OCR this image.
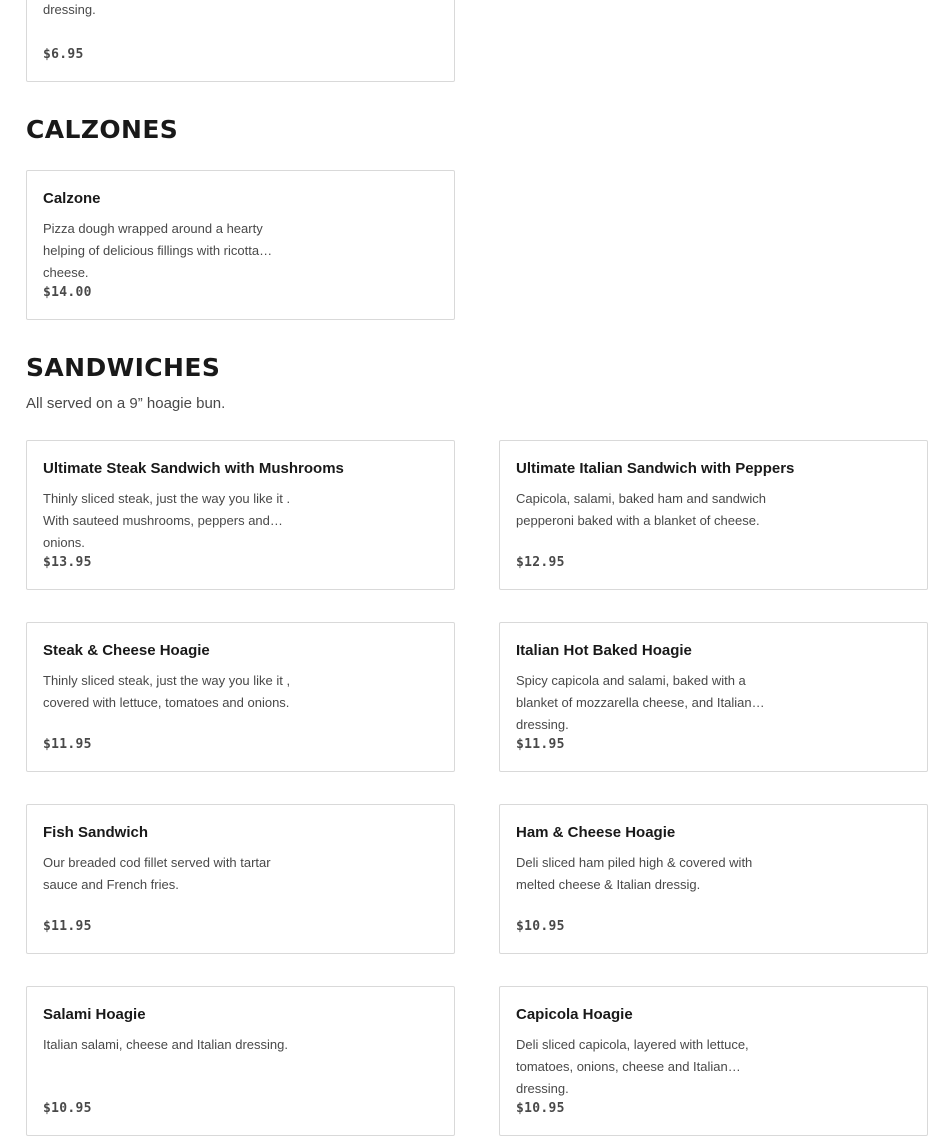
dressing.

$6.95

CALZONES

Calzone

Pizza dough wrapped around a hearty helping of delicious fillings with ricotta cheese.

$14.00

SANDWICHES

All served on a 9” hoagie bun.

Ultimate Steak Sandwich with Mushrooms

Thinly sliced steak, just the way you like it . With sauteed mushrooms, peppers and onions.

$13.95

Ultimate Italian Sandwich with Peppers

Capicola, salami, baked ham and sandwich pepperoni baked with a blanket of cheese.

$12.95

Steak & Cheese Hoagie

Thinly sliced steak, just the way you like it , covered with lettuce, tomatoes and onions.

$11.95

Italian Hot Baked Hoagie

Spicy capicola and salami, baked with a blanket of mozzarella cheese, and Italian dressing.

$11.95

Fish Sandwich

Our breaded cod fillet served with tartar sauce and French fries.

$11.95

Ham & Cheese Hoagie

Deli sliced ham piled high & covered with melted cheese & Italian dressig.

$10.95

Salami Hoagie

Italian salami, cheese and Italian dressing.

$10.95

Capicola Hoagie

Deli sliced capicola, layered with lettuce, tomatoes, onions, cheese and Italian dressing.

$10.95
